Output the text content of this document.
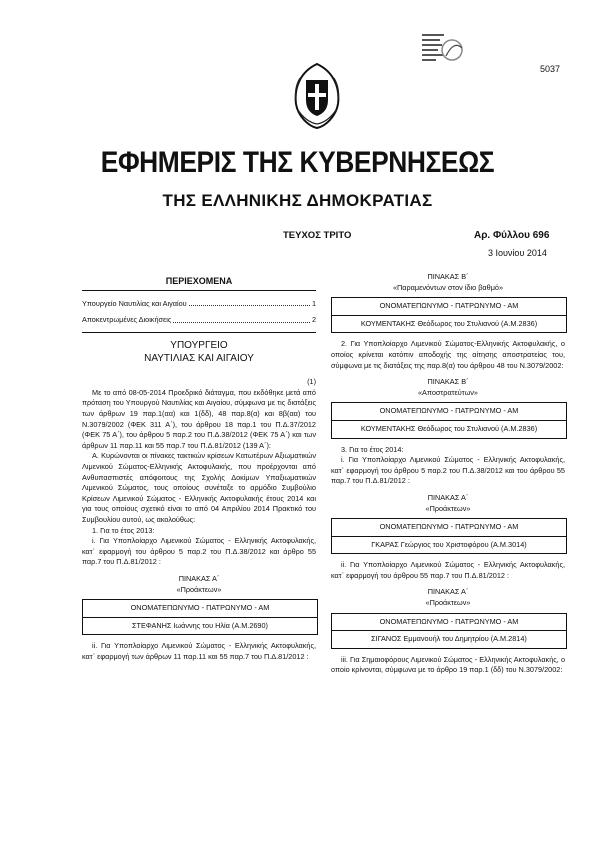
5037
ΕΦΗΜΕΡΙΣ ΤΗΣ ΚΥΒΕΡΝΗΣΕΩΣ
ΤΗΣ ΕΛΛΗΝΙΚΗΣ ΔΗΜΟΚΡΑΤΙΑΣ
ΤΕΥΧΟΣ ΤΡΙΤΟ	Αρ. Φύλλου 696
3 Ιουνίου 2014
ΠΕΡΙΕΧΟΜΕΝΑ
Υπουργείο Ναυτιλίας και Αιγαίου	1
Αποκεντρωμένες Διοικήσεις	2
ΥΠΟΥΡΓΕΙΟ
ΝΑΥΤΙΛΙΑΣ ΚΑΙ ΑΙΓΑΙΟΥ
(1)

Με το από 08-05-2014 Προεδρικό διάταγμα, που εκδόθηκε μετά από πρόταση του Υπουργού Ναυτιλίας και Αιγαίου, σύμφωνα με τις διατάξεις των άρθρων 19 παρ.1(αα) και 1(δδ), 48 παρ.8(α) και 8β(αα) του Ν.3079/2002 (ΦΕΚ 311 Α΄), του άρθρου 18 παρ.1 του Π.Δ.37/2012 (ΦΕΚ 75 Α΄), του άρθρου 5 παρ.2 του Π.Δ.38/2012 (ΦΕΚ 75 Α΄) και των άρθρων 11 παρ.11 και 55 παρ.7 του Π.Δ.81/2012 (139 Α΄):

Α. Κυρώνονται οι πίνακες τακτικών κρίσεων Κατωτέρων Αξιωματικών Λιμενικού Σώματος-Ελληνικής Ακτοφυλακής, που προέρχονται από Ανθυπασπιστές απόφοιτους της Σχολής Δοκίμων Υπαξιωματικών Λιμενικού Σώματος, τους οποίους συνέταξε το αρμόδιο Συμβούλιο Κρίσεων Λιμενικού Σώματος - Ελληνικής Ακτοφυλακής έτους 2014 και για τους οποίους σχετικό είναι το από 04 Απριλίου 2014 Πρακτικό του Συμβουλίου αυτού, ως ακολούθως:

1. Για το έτος 2013:

i. Για Υποπλοίαρχο Λιμενικού Σώματος - Ελληνικής Ακτοφυλακής, κατ᾽ εφαρμογή του άρθρου 5 παρ.2 του Π.Δ.38/2012 και άρθρο 55 παρ.7 του Π.Δ.81/2012 :

ΠΙΝΑΚΑΣ Α΄
«Προάκτεων»
ΟΝΟΜΑΤΕΠΩΝΥΜΟ - ΠΑΤΡΩΝΥΜΟ - ΑΜ
ΣΤΕΦΑΝΗΣ Ιωάννης του Ηλία (Α.Μ.2690)

ii. Για Υποπλοίαρχο Λιμενικού Σώματος - Ελληνικής Ακτοφυλακής, κατ᾽ εφαρμογή των άρθρων 11 παρ.11 και 55 παρ.7 του Π.Δ.81/2012 :

ΠΙΝΑΚΑΣ Β΄
«Παραμενόντων στον ίδιο βαθμό»
ΟΝΟΜΑΤΕΠΩΝΥΜΟ - ΠΑΤΡΩΝΥΜΟ - ΑΜ
ΚΟΥΜΕΝΤΑΚΗΣ Θεόδωρος του Στυλιανού (Α.Μ.2836)

2. Για Υποπλοίαρχο Λιμενικού Σώματος-Ελληνικής Ακτοφυλακής, ο οποίος κρίνεται κατόπιν αποδοχής της αίτησης αποστρατείας του, σύμφωνα με τις διατάξεις της παρ.8(α) του άρθρου 48 του Ν.3079/2002:

ΠΙΝΑΚΑΣ Β΄
«Αποστρατεύτων»
ΟΝΟΜΑΤΕΠΩΝΥΜΟ - ΠΑΤΡΩΝΥΜΟ - ΑΜ
ΚΟΥΜΕΝΤΑΚΗΣ Θεόδωρος του Στυλιανού (Α.Μ.2836)

3. Για το έτος 2014:

i. Για Υποπλοίαρχο Λιμενικού Σώματος - Ελληνικής Ακτοφυλακής, κατ᾽ εφαρμογή του άρθρου 5 παρ.2 του Π.Δ.38/2012 και του άρθρου 55 παρ.7 του Π.Δ.81/2012 :

ΠΙΝΑΚΑΣ Α΄
«Προάκτεων»
ΟΝΟΜΑΤΕΠΩΝΥΜΟ - ΠΑΤΡΩΝΥΜΟ - ΑΜ
ΓΚΑΡΑΣ Γεώργιος του Χριστοφόρου (Α.Μ.3014)

ii. Για Υποπλοίαρχο Λιμενικού Σώματος - Ελληνικής Ακτοφυλακής, κατ᾽ εφαρμογή του άρθρου 55 παρ.7 του Π.Δ.81/2012 :

ΠΙΝΑΚΑΣ Α΄
«Προάκτεων»
ΟΝΟΜΑΤΕΠΩΝΥΜΟ - ΠΑΤΡΩΝΥΜΟ - ΑΜ
ΣΙΓΑΝΟΣ Εμμανουήλ του Δημητρίου (Α.Μ.2814)

iii. Για Σημαιοφόρους Λιμενικού Σώματος - Ελληνικής Ακτοφυλακής, ο οποίο κρίνονται, σύμφωνα με το άρθρο 19 παρ.1 (δδ) του Ν.3079/2002:
